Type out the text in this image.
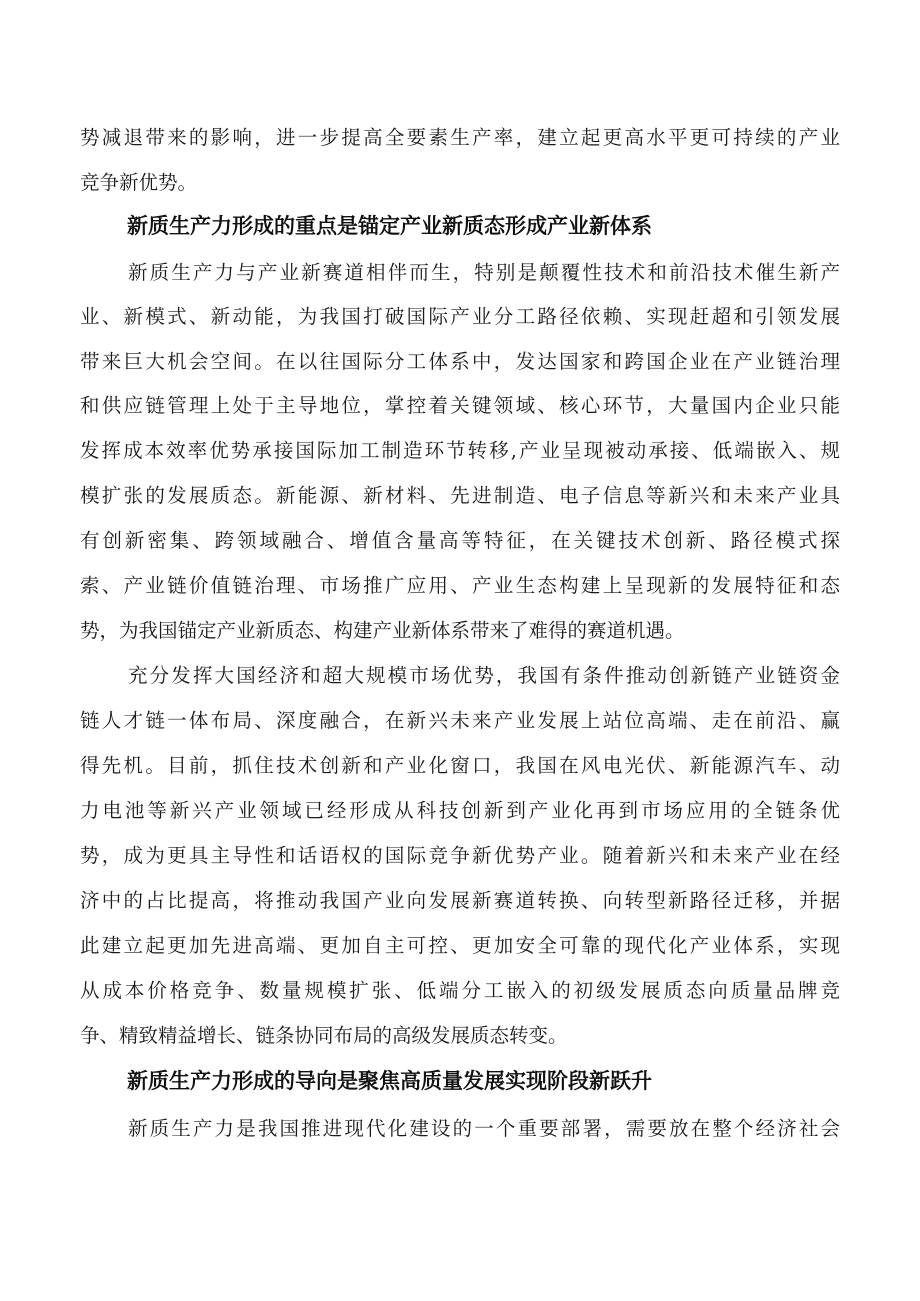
势减退带来的影响，进一步提高全要素生产率，建立起更高水平更可持续的产业
竞争新优势。
新质生产力形成的重点是锚定产业新质态形成产业新体系
新质生产力与产业新赛道相伴而生，特别是颠覆性技术和前沿技术催生新产
业、新模式、新动能，为我国打破国际产业分工路径依赖、实现赶超和引领发展
带来巨大机会空间。在以往国际分工体系中，发达国家和跨国企业在产业链治理
和供应链管理上处于主导地位，掌控着关键领域、核心环节，大量国内企业只能
发挥成本效率优势承接国际加工制造环节转移,产业呈现被动承接、低端嵌入、规
模扩张的发展质态。新能源、新材料、先进制造、电子信息等新兴和未来产业具
有创新密集、跨领域融合、增值含量高等特征，在关键技术创新、路径模式探
索、产业链价值链治理、市场推广应用、产业生态构建上呈现新的发展特征和态
势，为我国锚定产业新质态、构建产业新体系带来了难得的赛道机遇。
充分发挥大国经济和超大规模市场优势，我国有条件推动创新链产业链资金
链人才链一体布局、深度融合，在新兴未来产业发展上站位高端、走在前沿、赢
得先机。目前，抓住技术创新和产业化窗口，我国在风电光伏、新能源汽车、动
力电池等新兴产业领域已经形成从科技创新到产业化再到市场应用的全链条优
势，成为更具主导性和话语权的国际竞争新优势产业。随着新兴和未来产业在经
济中的占比提高，将推动我国产业向发展新赛道转换、向转型新路径迁移，并据
此建立起更加先进高端、更加自主可控、更加安全可靠的现代化产业体系，实现
从成本价格竞争、数量规模扩张、低端分工嵌入的初级发展质态向质量品牌竞
争、精致精益增长、链条协同布局的高级发展质态转变。
新质生产力形成的导向是聚焦高质量发展实现阶段新跃升
新质生产力是我国推进现代化建设的一个重要部署，需要放在整个经济社会
